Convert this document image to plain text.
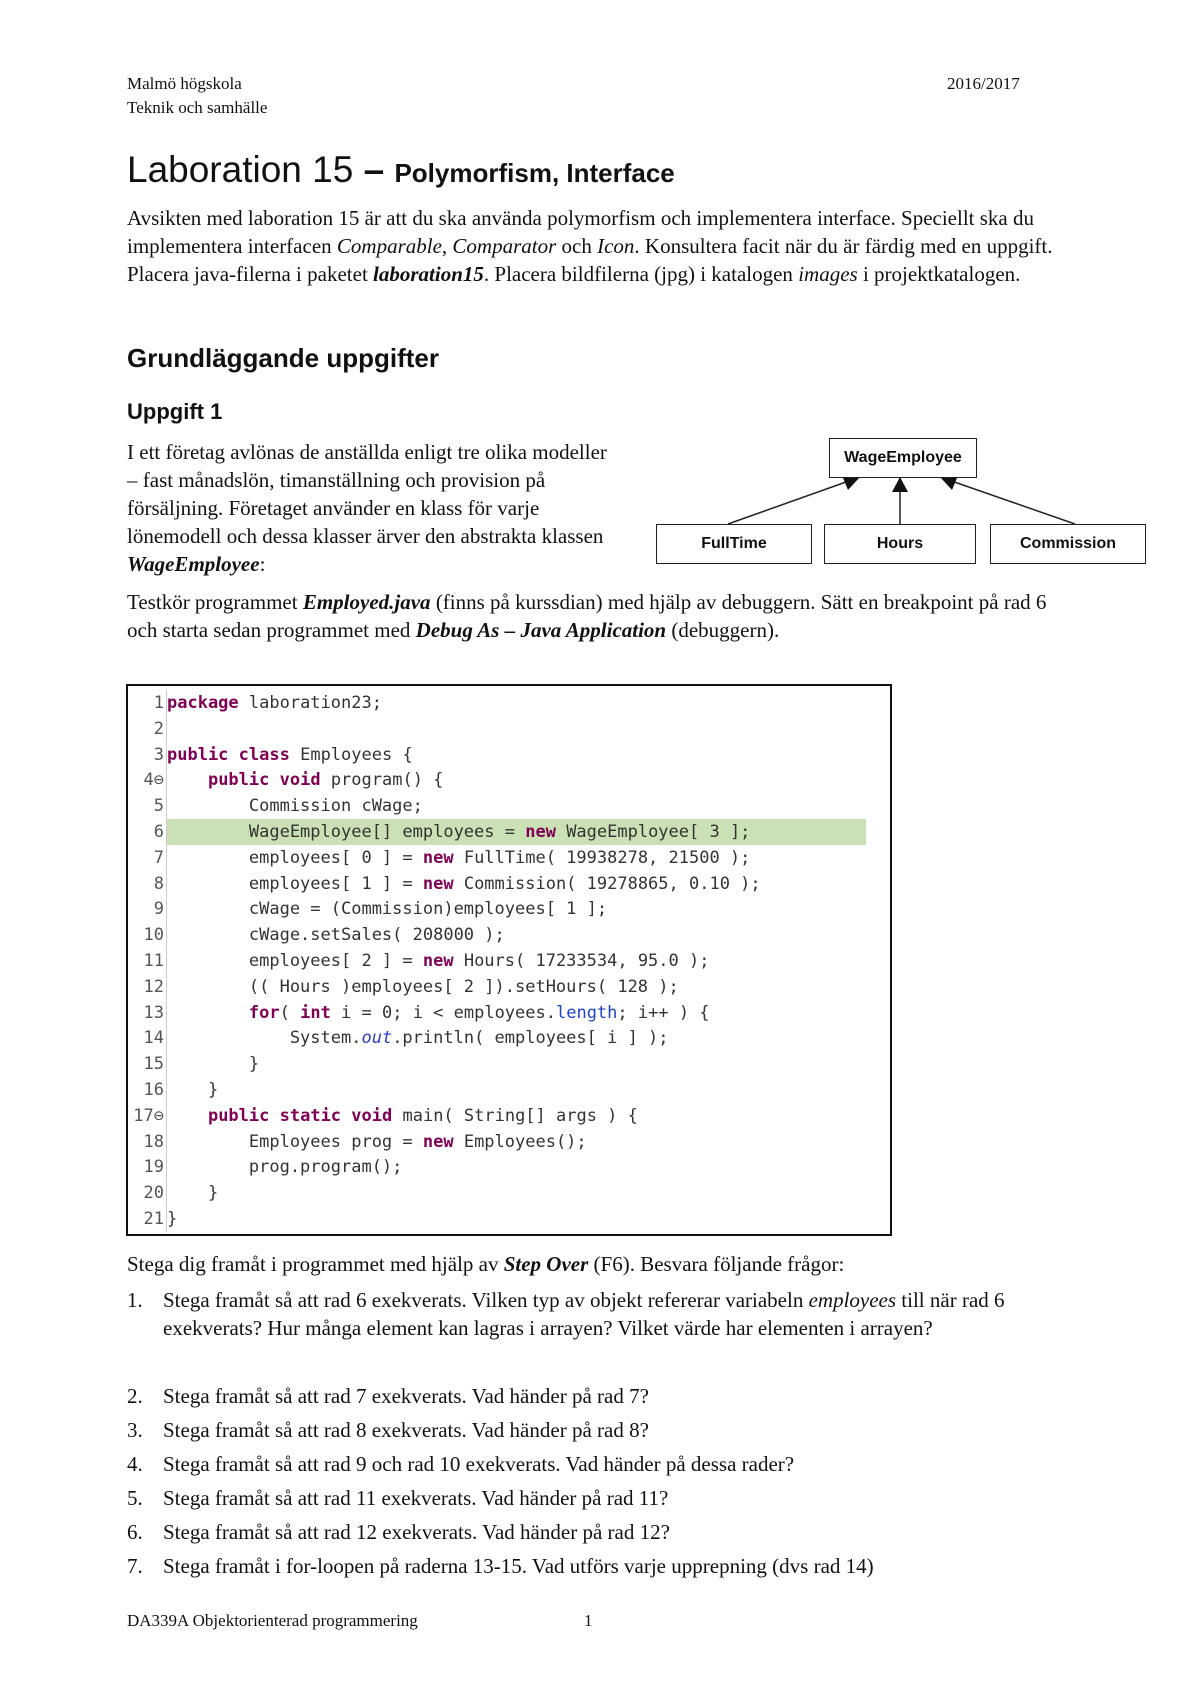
Malmö högskola
Teknik och samhälle
2016/2017
Laboration 15 – Polymorfism, Interface

Avsikten med laboration 15 är att du ska använda polymorfism och implementera interface. Speciellt ska du implementera interfacen Comparable, Comparator och Icon. Konsultera facit när du är färdig med en uppgift. Placera java-filerna i paketet laboration15. Placera bildfilerna (jpg) i katalogen images i projektkatalogen.

Grundläggande uppgifter
Uppgift 1

I ett företag avlönas de anställda enligt tre olika modeller – fast månadslön, timanställning och provision på försäljning. Företaget använder en klass för varje lönemodell och dessa klasser ärver den abstrakta klassen WageEmployee:

WageEmployee
FullTime	Hours	Commission

Testkör programmet Employed.java (finns på kurssdian) med hjälp av debuggern. Sätt en breakpoint på rad 6 och starta sedan programmet med Debug As – Java Application (debuggern).

1 package laboration23;
2
3 public class Employees {
4⊖	public void program() {
5 Commission cWage;
6 WageEmployee[] employees = new WageEmployee[ 3 ];
7 employees[ 0 ] = new FullTime( 19938278, 21500 );
8 employees[ 1 ] = new Commission( 19278865, 0.10 );
9 cWage = (Commission)employees[ 1 ];
10 cWage.setSales( 208000 );
11 employees[ 2 ] = new Hours( 17233534, 95.0 );
12 (( Hours )employees[ 2 ]).setHours( 128 );
13	for( int i = 0; i < employees.length; i++ ) {
14 System.out.println( employees[ i ] );
15 }
16 }
17⊖	public static void main( String[] args ) {
18 Employees prog = new Employees();
19 prog.program();
20 }
21 }

Stega dig framåt i programmet med hjälp av Step Over (F6). Besvara följande frågor:

1. Stega framåt så att rad 6 exekverats. Vilken typ av objekt refererar variabeln employees till när rad 6 exekverats? Hur många element kan lagras i arrayen? Vilket värde har elementen i arrayen?
2. Stega framåt så att rad 7 exekverats. Vad händer på rad 7?
3. Stega framåt så att rad 8 exekverats. Vad händer på rad 8?
4. Stega framåt så att rad 9 och rad 10 exekverats. Vad händer på dessa rader?
5. Stega framåt så att rad 11 exekverats. Vad händer på rad 11?
6. Stega framåt så att rad 12 exekverats. Vad händer på rad 12?
7. Stega framåt i for-loopen på raderna 13-15. Vad utförs varje upprepning (dvs rad 14)
DA339A Objektorienterad programmering	1
